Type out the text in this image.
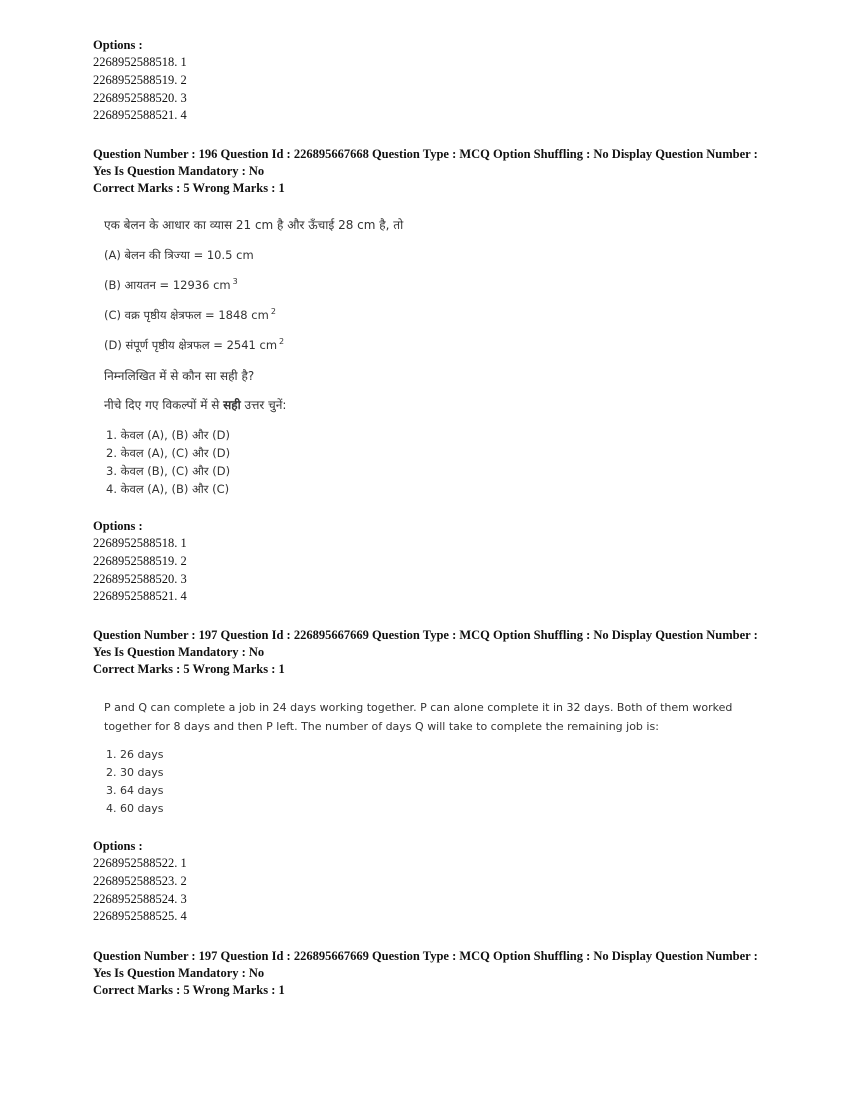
Options :

2268952588518. 1

2268952588519. 2

2268952588520. 3

2268952588521. 4

Question Number : 196 Question Id : 226895667668 Question Type : MCQ Option Shuffling : No Display Question Number : Yes Is Question Mandatory : No

Correct Marks : 5 Wrong Marks : 1

एक बेलन के आधार का व्यास 21 cm है और ऊँचाई 28 cm है, तो

(A) बेलन की त्रिज्या = 10.5 cm

(B) आयतन = 12936 cm $^3$

(C) वक्र पृष्ठीय क्षेत्रफल = 1848 cm $^2$

(D) संपूर्ण पृष्ठीय क्षेत्रफल = 2541 cm $^2$

निम्नलिखित में से कौन सा सही है?

नीचे दिए गए विकल्पों में से सही उत्तर चुनें:

1. केवल (A), (B) और (D)

2. केवल (A), (C) और (D)

3. केवल (B), (C) और (D)

4. केवल (A), (B) और (C)

Options :

2268952588518. 1

2268952588519. 2

2268952588520. 3

2268952588521. 4

Question Number : 197 Question Id : 226895667669 Question Type : MCQ Option Shuffling : No Display Question Number : Yes Is Question Mandatory : No

Correct Marks : 5 Wrong Marks : 1

P and Q can complete a job in 24 days working together. P can alone complete it in 32 days. Both of them worked

together for 8 days and then P left. The number of days Q will take to complete the remaining job is:

1. 26 days

2. 30 days

3. 64 days

4. 60 days

Options :

2268952588522. 1

2268952588523. 2

2268952588524. 3

2268952588525. 4

Question Number : 197 Question Id : 226895667669 Question Type : MCQ Option Shuffling : No Display Question Number : Yes Is Question Mandatory : No

Correct Marks : 5 Wrong Marks : 1
